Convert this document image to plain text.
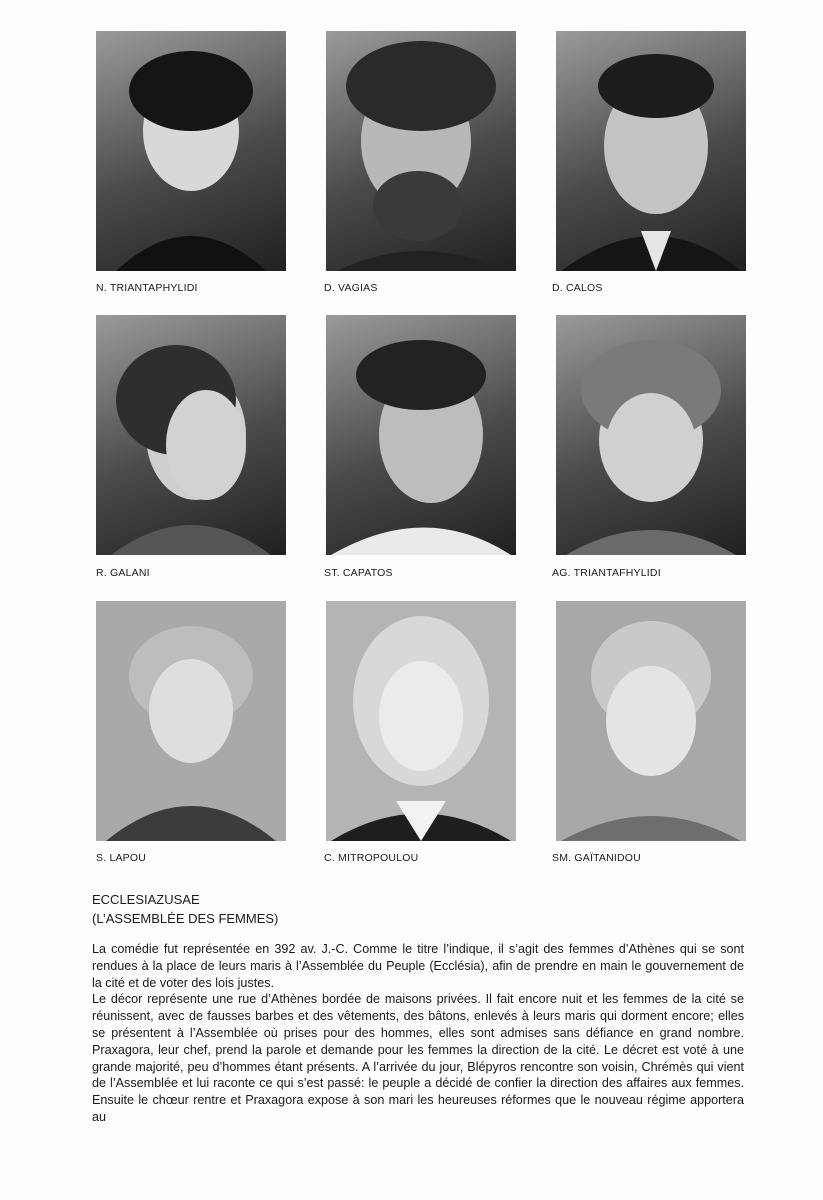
N. TRIANTAPHYLIDI	D. VAGIAS	D. CALOS
R. GALANI	ST. CAPATOS	AG. TRIANTAFHYLIDI
S. LAPOU	C. MITROPOULOU	SM. GAÏTANIDOU
ECCLESIAZUSAE
(L’ASSEMBLÉE DES FEMMES)

La comédie fut représentée en 392 av. J.-C. Comme le titre l’indique, il s’agit des femmes d’Athènes qui se sont rendues à la place de leurs maris à l’Assemblée du Peuple (Ecclésia), afin de prendre en main le gouvernement de la cité et de voter des lois justes.

Le décor représente une rue d’Athènes bordée de maisons privées. Il fait encore nuit et les femmes de la cité se réunissent, avec de fausses barbes et des vêtements, des bâtons, enlevés à leurs maris qui dorment encore; elles se présentent à l’Assemblée où prises pour des hommes, elles sont admises sans défiance en grand nombre. Praxagora, leur chef, prend la parole et demande pour les femmes la direction de la cité. Le décret est voté à une grande majorité, peu d’hommes étant présents. A l’arrivée du jour, Blépyros rencontre son voisin, Chrémès qui vient de l’Assemblée et lui raconte ce qui s’est passé: le peuple a décidé de confier la direction des affaires aux femmes. Ensuite le chœur rentre et Praxagora expose à son mari les heureuses réformes que le nouveau régime apportera au
